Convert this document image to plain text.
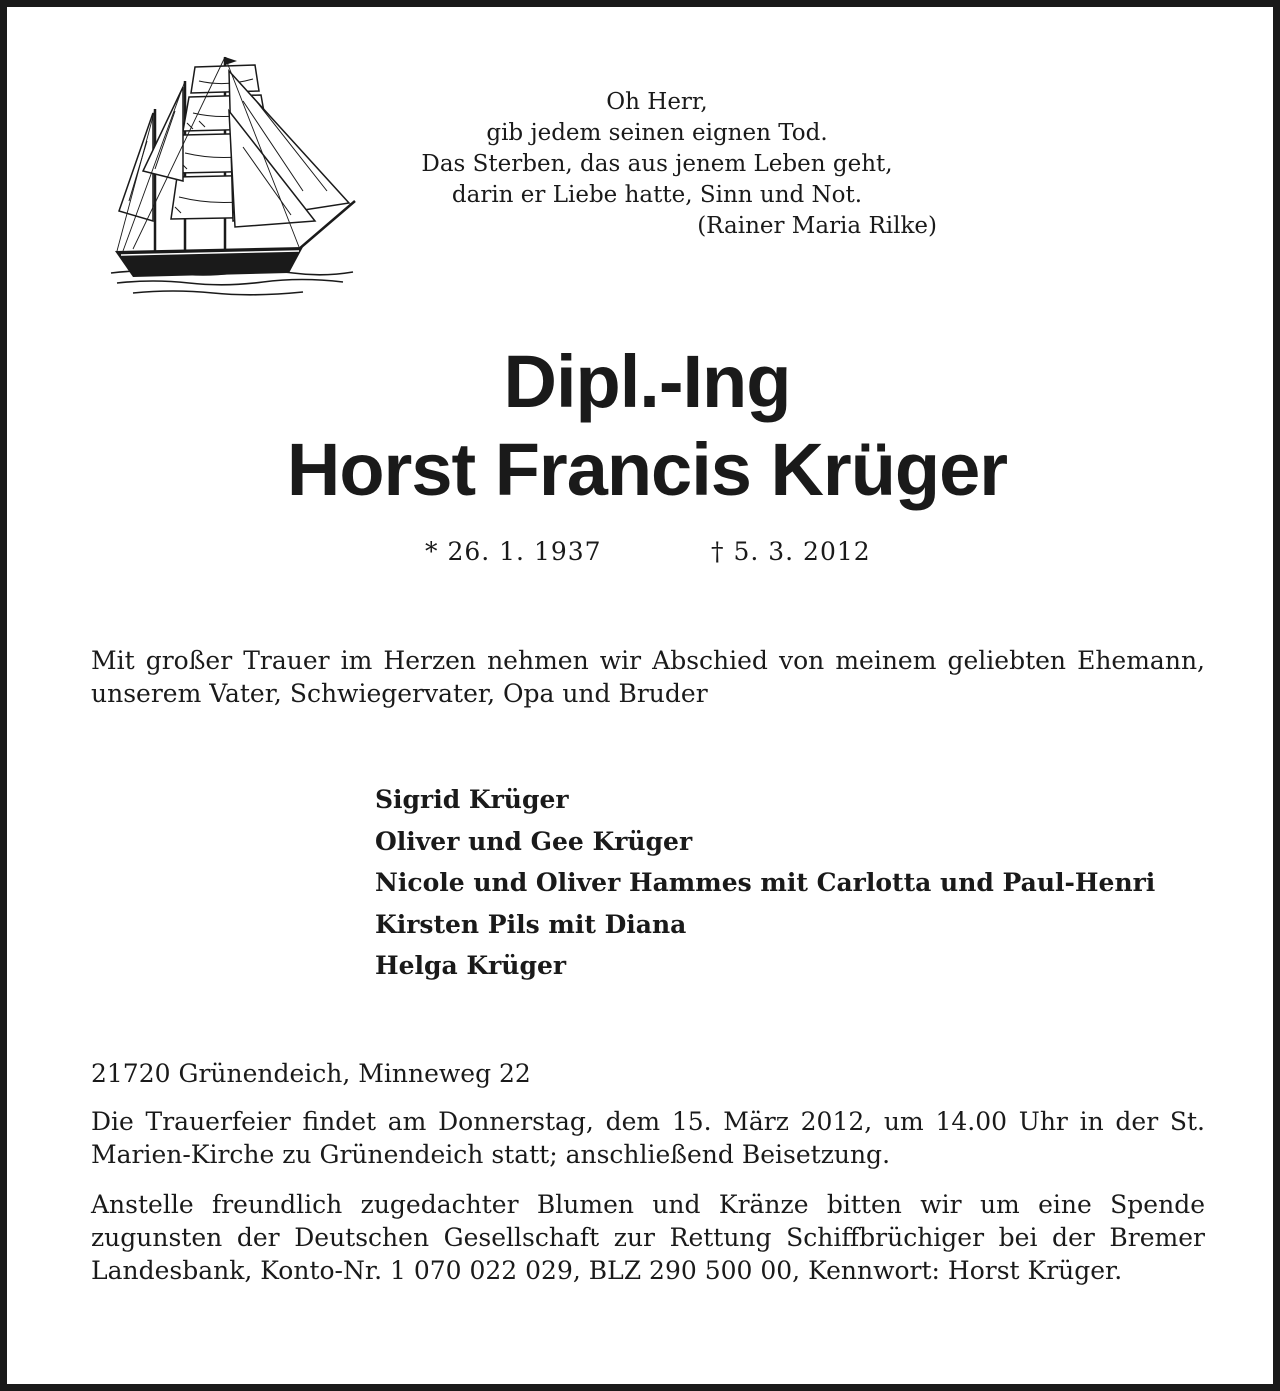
Oh Herr,
gib jedem seinen eignen Tod.
Das Sterben, das aus jenem Leben geht,
darin er Liebe hatte, Sinn und Not.
(Rainer Maria Rilke)
Dipl.-Ing
Horst Francis Krüger
* 26. 1. 1937	† 5. 3. 2012

Mit großer Trauer im Herzen nehmen wir Abschied von meinem geliebten Ehemann, unserem Vater, Schwiegervater, Opa und Bruder

Sigrid Krüger
Oliver und Gee Krüger
Nicole und Oliver Hammes mit Carlotta und Paul-Henri
Kirsten Pils mit Diana
Helga Krüger

21720 Grünendeich, Minneweg 22

Die Trauerfeier findet am Donnerstag, dem 15. März 2012, um 14.00 Uhr in der St. Marien-Kirche zu Grünendeich statt; anschließend Beisetzung.

Anstelle freundlich zugedachter Blumen und Kränze bitten wir um eine Spende zugunsten der Deutschen Gesellschaft zur Rettung Schiffbrüchiger bei der Bremer Landesbank, Konto-Nr. 1 070 022 029, BLZ 290 500 00, Kennwort: Horst Krüger.
